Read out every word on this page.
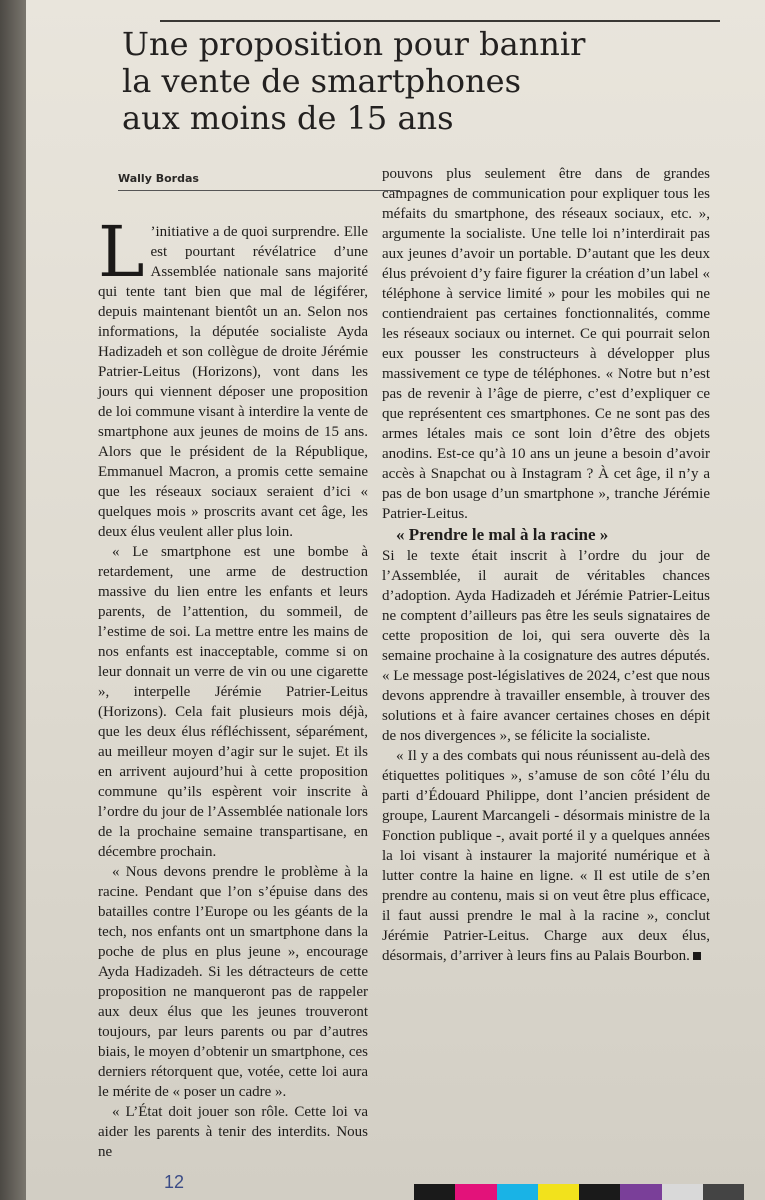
Une proposition pour bannir
la vente de smartphones
aux moins de 15 ans

Wally Bordas

L ’initiative a de quoi surprendre. Elle est pourtant révélatrice d’une Assemblée nationale sans majorité qui tente tant bien que mal de légiférer, depuis maintenant bientôt un an. Selon nos informations, la députée socialiste Ayda Hadizadeh et son collègue de droite Jérémie Patrier-Leitus (Horizons), vont dans les jours qui viennent déposer une proposition de loi commune visant à interdire la vente de smartphone aux jeunes de moins de 15 ans. Alors que le président de la République, Emmanuel Macron, a promis cette semaine que les réseaux sociaux seraient d’ici « quelques mois » proscrits avant cet âge, les deux élus veulent aller plus loin.

« Le smartphone est une bombe à retardement, une arme de destruction massive du lien entre les enfants et leurs parents, de l’attention, du sommeil, de l’estime de soi. La mettre entre les mains de nos enfants est inacceptable, comme si on leur donnait un verre de vin ou une cigarette », interpelle Jérémie Patrier-Leitus (Horizons). Cela fait plusieurs mois déjà, que les deux élus réfléchissent, séparément, au meilleur moyen d’agir sur le sujet. Et ils en arrivent aujourd’hui à cette proposition commune qu’ils espèrent voir inscrite à l’ordre du jour de l’Assemblée nationale lors de la prochaine semaine transpartisane, en décembre prochain.

« Nous devons prendre le problème à la racine. Pendant que l’on s’épuise dans des batailles contre l’Europe ou les géants de la tech, nos enfants ont un smartphone dans la poche de plus en plus jeune », encourage Ayda Hadizadeh. Si les détracteurs de cette proposition ne manqueront pas de rappeler aux deux élus que les jeunes trouveront toujours, par leurs parents ou par d’autres biais, le moyen d’obtenir un smartphone, ces derniers rétorquent que, votée, cette loi aura le mérite de « poser un cadre ».

« L’État doit jouer son rôle. Cette loi va aider les parents à tenir des interdits. Nous ne

pouvons plus seulement être dans de grandes campagnes de communication pour expliquer tous les méfaits du smartphone, des réseaux sociaux, etc. », argumente la socialiste. Une telle loi n’interdirait pas aux jeunes d’avoir un portable. D’autant que les deux élus prévoient d’y faire figurer la création d’un label « téléphone à service limité » pour les mobiles qui ne contiendraient pas certaines fonctionnalités, comme les réseaux sociaux ou internet. Ce qui pourrait selon eux pousser les constructeurs à développer plus massivement ce type de téléphones. « Notre but n’est pas de revenir à l’âge de pierre, c’est d’expliquer ce que représentent ces smartphones. Ce ne sont pas des armes létales mais ce sont loin d’être des objets anodins. Est-ce qu’à 10 ans un jeune a besoin d’avoir accès à Snapchat ou à Instagram ? À cet âge, il n’y a pas de bon usage d’un smartphone », tranche Jérémie Patrier-Leitus.

« Prendre le mal à la racine »

Si le texte était inscrit à l’ordre du jour de l’Assemblée, il aurait de véritables chances d’adoption. Ayda Hadizadeh et Jérémie Patrier-Leitus ne comptent d’ailleurs pas être les seuls signataires de cette proposition de loi, qui sera ouverte dès la semaine prochaine à la cosignature des autres députés. « Le message post-législatives de 2024, c’est que nous devons apprendre à travailler ensemble, à trouver des solutions et à faire avancer certaines choses en dépit de nos divergences », se félicite la socialiste.

« Il y a des combats qui nous réunissent au-delà des étiquettes politiques », s’amuse de son côté l’élu du parti d’Édouard Philippe, dont l’ancien président de groupe, Laurent Marcangeli - désormais ministre de la Fonction publique -, avait porté il y a quelques années la loi visant à instaurer la majorité numérique et à lutter contre la haine en ligne. « Il est utile de s’en prendre au contenu, mais si on veut être plus efficace, il faut aussi prendre le mal à la racine », conclut Jérémie Patrier-Leitus. Charge aux deux élus, désormais, d’arriver à leurs fins au Palais Bourbon.

12
